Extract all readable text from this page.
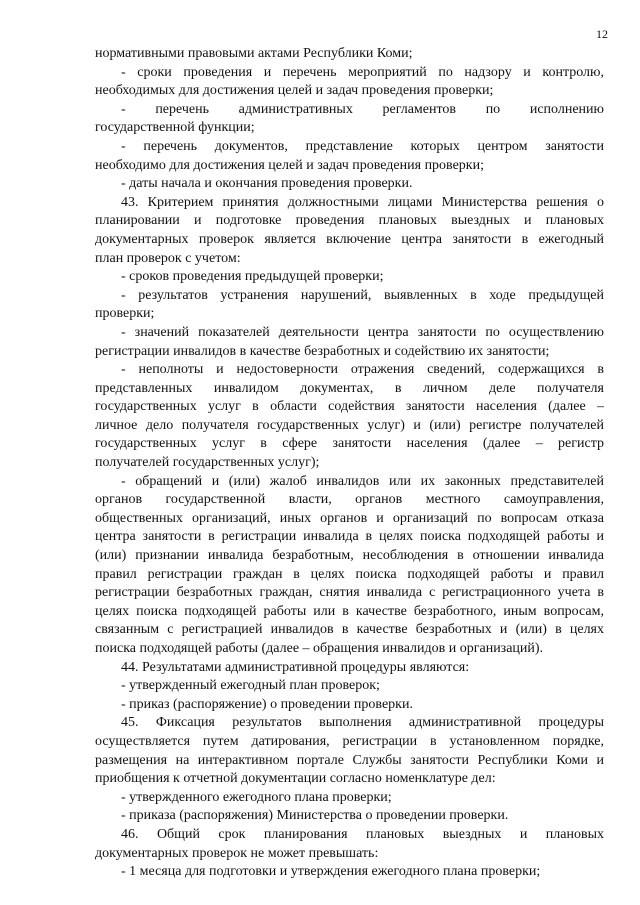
12
нормативными правовыми актами Республики Коми;
- сроки проведения и перечень мероприятий по надзору и контролю,
необходимых для достижения целей и задач проведения проверки;
- перечень административных регламентов по исполнению
государственной функции;
- перечень документов, представление которых центром занятости
необходимо для достижения целей и задач проведения проверки;
- даты начала и окончания проведения проверки.
43. Критерием принятия должностными лицами Министерства решения о
планировании и подготовке проведения плановых выездных и плановых
документарных проверок является включение центра занятости в ежегодный
план проверок с учетом:
- сроков проведения предыдущей проверки;
- результатов устранения нарушений, выявленных в ходе предыдущей
проверки;
- значений показателей деятельности центра занятости по осуществлению
регистрации инвалидов в качестве безработных и содействию их занятости;
- неполноты и недостоверности отражения сведений, содержащихся в
представленных инвалидом документах, в личном деле получателя
государственных услуг в области содействия занятости населения (далее –
личное дело получателя государственных услуг) и (или) регистре получателей
государственных услуг в сфере занятости населения (далее – регистр
получателей государственных услуг);
- обращений и (или) жалоб инвалидов или их законных представителей
органов государственной власти, органов местного самоуправления,
общественных организаций, иных органов и организаций по вопросам отказа
центра занятости в регистрации инвалида в целях поиска подходящей работы и
(или) признании инвалида безработным, несоблюдения в отношении инвалида
правил регистрации граждан в целях поиска подходящей работы и правил
регистрации безработных граждан, снятия инвалида с регистрационного учета в
целях поиска подходящей работы или в качестве безработного, иным вопросам,
связанным с регистрацией инвалидов в качестве безработных и (или) в целях
поиска подходящей работы (далее – обращения инвалидов и организаций).
44. Результатами административной процедуры являются:
- утвержденный ежегодный план проверок;
- приказ (распоряжение) о проведении проверки.
45. Фиксация результатов выполнения административной процедуры
осуществляется путем датирования, регистрации в установленном порядке,
размещения на интерактивном портале Службы занятости Республики Коми и
приобщения к отчетной документации согласно номенклатуре дел:
- утвержденного ежегодного плана проверки;
- приказа (распоряжения) Министерства о проведении проверки.
46. Общий срок планирования плановых выездных и плановых
документарных проверок не может превышать:
- 1 месяца для подготовки и утверждения ежегодного плана проверки;
